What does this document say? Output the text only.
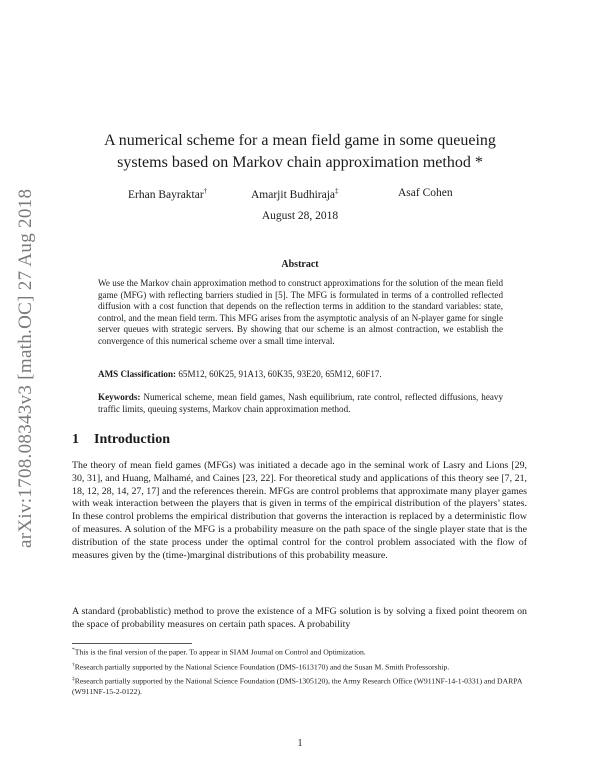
arXiv:1708.08343v3 [math.OC] 27 Aug 2018
A numerical scheme for a mean field game in some queueing
systems based on Markov chain approximation method *
Erhan Bayraktar†	Amarjit Budhiraja‡	Asaf Cohen
August 28, 2018
Abstract
We use the Markov chain approximation method to construct approximations for the solution of the mean field game (MFG) with reflecting barriers studied in [5]. The MFG is formulated in terms of a controlled reflected diffusion with a cost function that depends on the reflection terms in addition to the standard variables: state, control, and the mean field term. This MFG arises from the asymptotic analysis of an N-player game for single server queues with strategic servers. By showing that our scheme is an almost contraction, we establish the convergence of this numerical scheme over a small time interval.
AMS Classification: 65M12, 60K25, 91A13, 60K35, 93E20, 65M12, 60F17.
Keywords: Numerical scheme, mean field games, Nash equilibrium, rate control, reflected diffusions, heavy traffic limits, queuing systems, Markov chain approximation method.
1 Introduction
The theory of mean field games (MFGs) was initiated a decade ago in the seminal work of Lasry and Lions [29, 30, 31], and Huang, Malhamé, and Caines [23, 22]. For theoretical study and applications of this theory see [7, 21, 18, 12, 28, 14, 27, 17] and the references therein. MFGs are control problems that approximate many player games with weak interaction between the players that is given in terms of the empirical distribution of the players’ states. In these control problems the empirical distribution that governs the interaction is replaced by a deterministic flow of measures. A solution of the MFG is a probability measure on the path space of the single player state that is the distribution of the state process under the optimal control for the control problem associated with the flow of measures given by the (time-)marginal distributions of this probability measure.
A standard (probablistic) method to prove the existence of a MFG solution is by solving a fixed point theorem on the space of probability measures on certain path spaces. A probability

*This is the final version of the paper. To appear in SIAM Journal on Control and Optimization.

†Research partially supported by the National Science Foundation (DMS-1613170) and the Susan M. Smith Professorship.

‡Research partially supported by the National Science Foundation (DMS-1305120), the Army Research Office (W911NF-14-1-0331) and DARPA (W911NF-15-2-0122).

1
